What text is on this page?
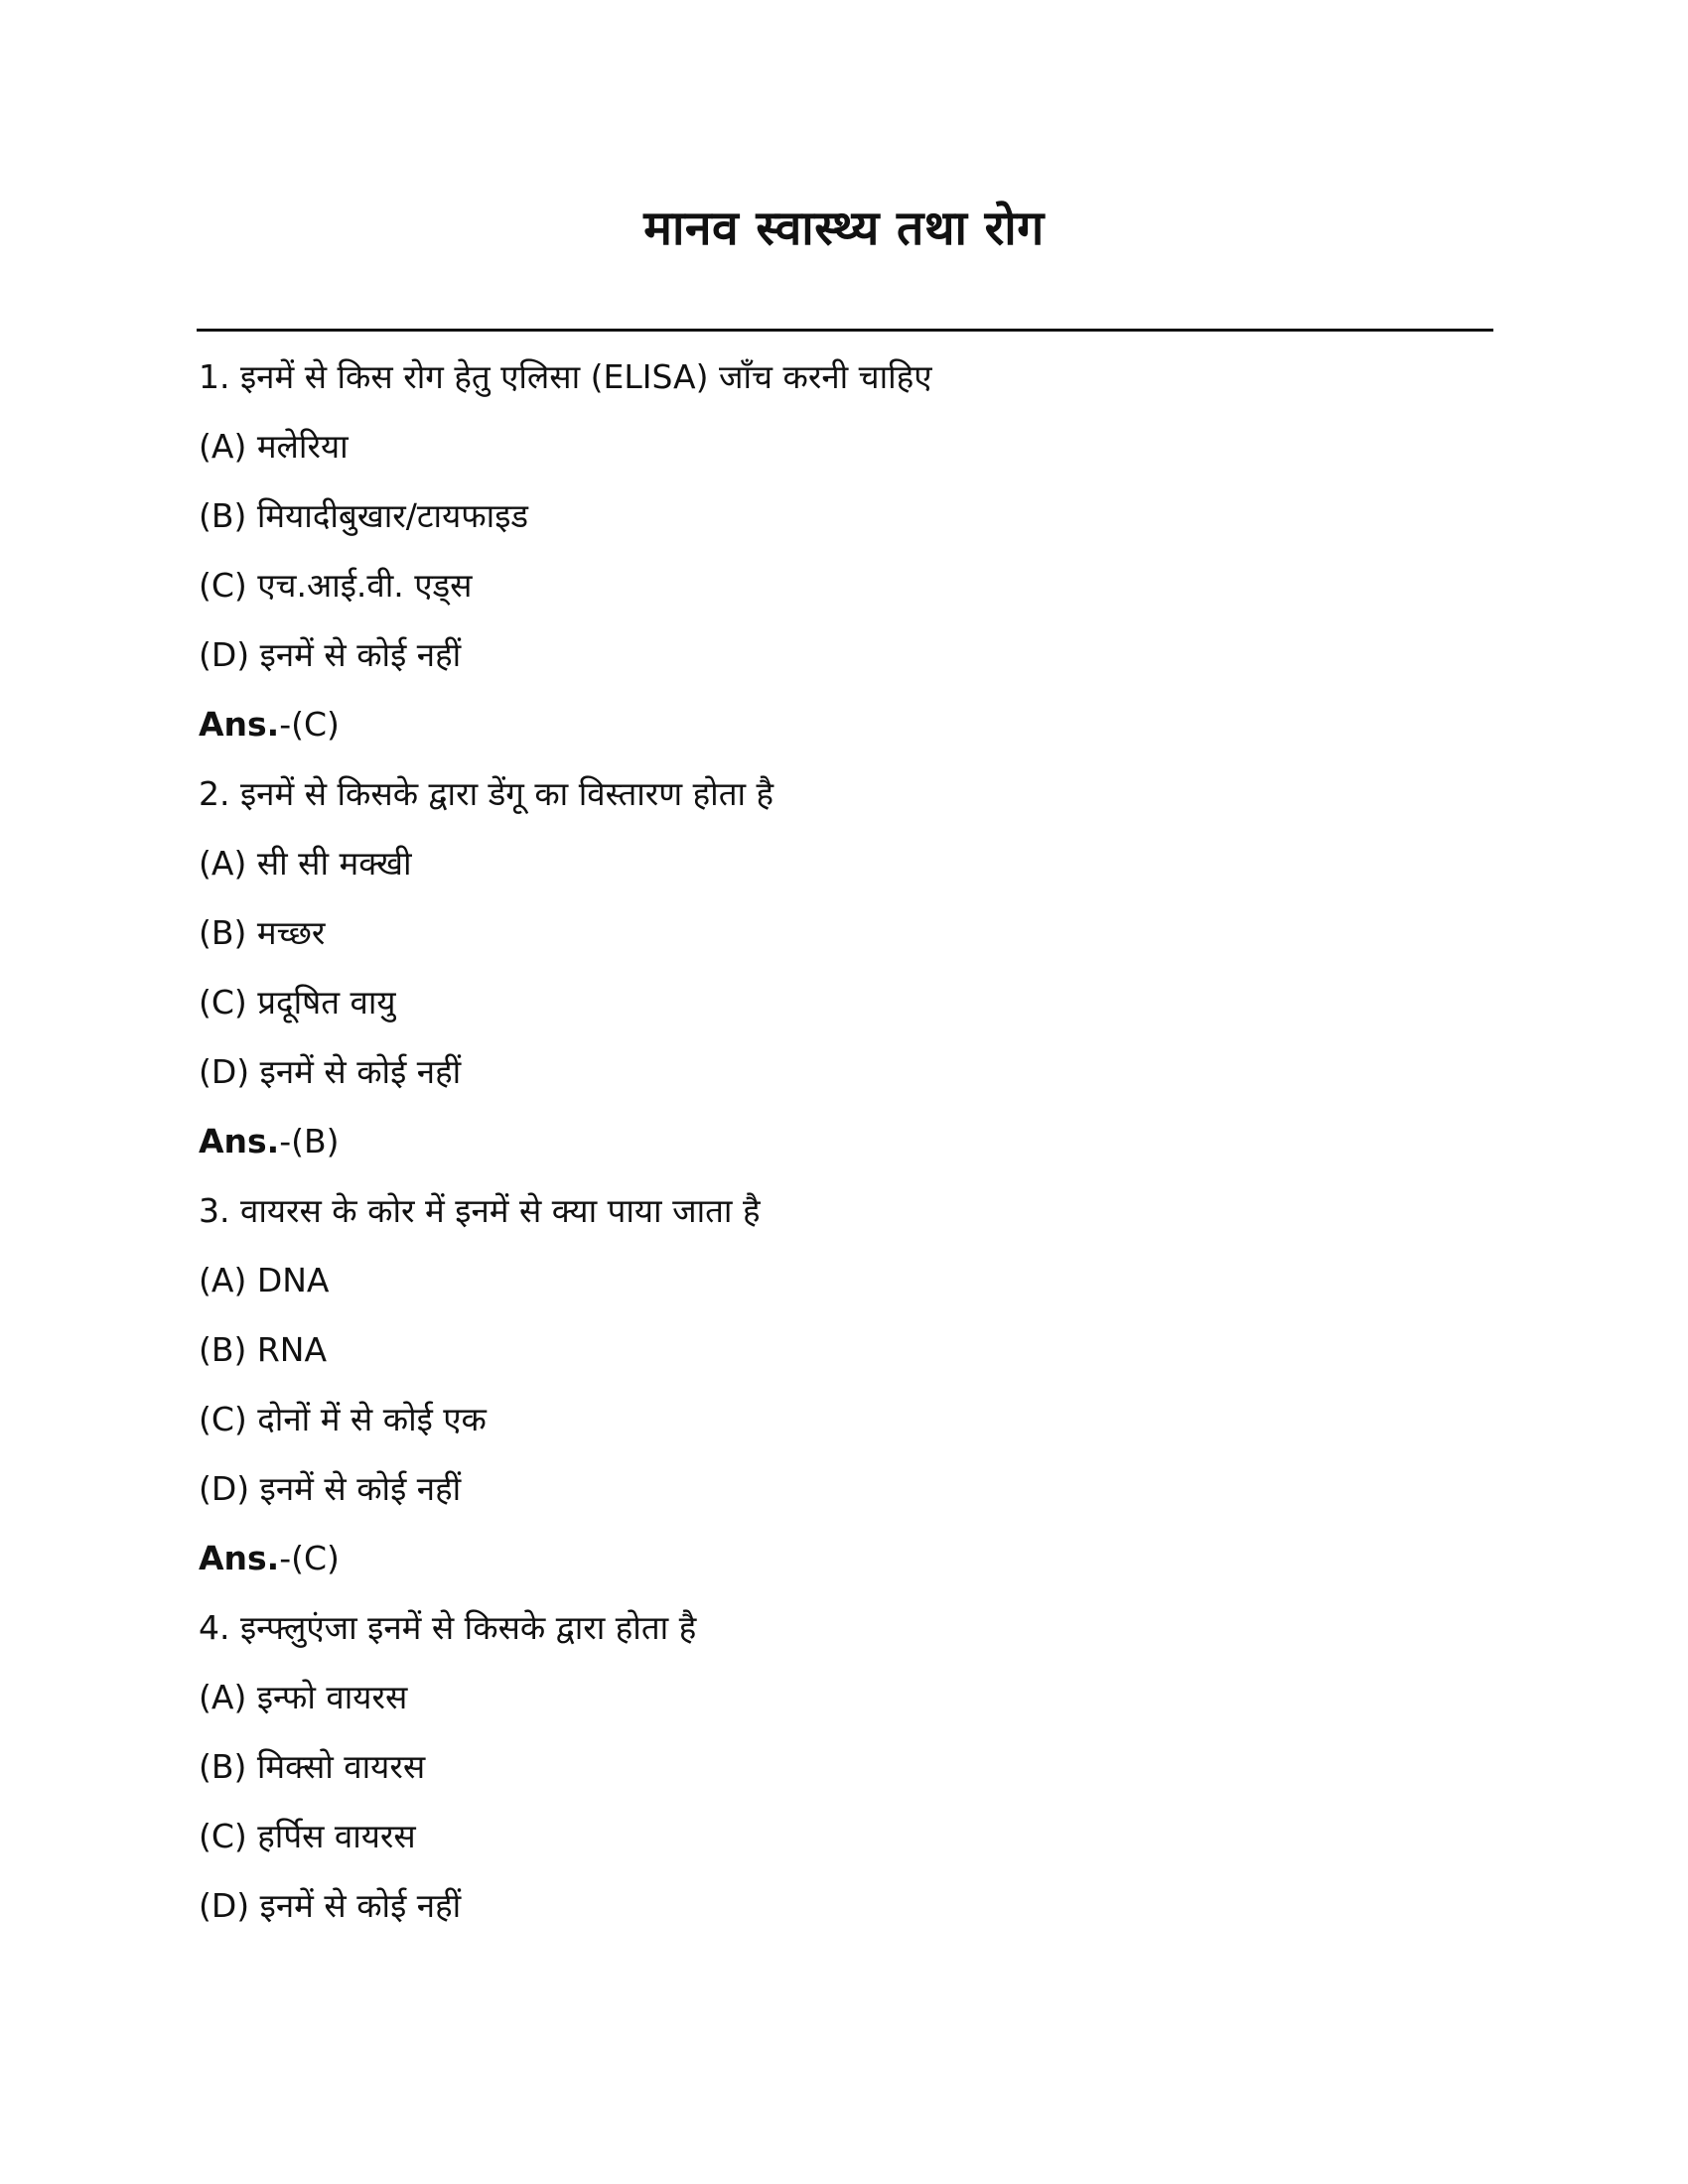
मानव स्वास्थ्य तथा रोग
1. इनमें से किस रोग हेतु एलिसा (ELISA) जाँच करनी चाहिए
(A) मलेरिया
(B) मियादीबुखार/टायफाइड
(C) एच.आई.वी. एड्स
(D) इनमें से कोई नहीं
Ans.-(C)
2. इनमें से किसके द्वारा डेंगू का विस्तारण होता है
(A) सी सी मक्खी
(B) मच्छर
(C) प्रदूषित वायु
(D) इनमें से कोई नहीं
Ans.-(B)
3. वायरस के कोर में इनमें से क्या पाया जाता है
(A) DNA
(B) RNA
(C) दोनों में से कोई एक
(D) इनमें से कोई नहीं
Ans.-(C)
4. इन्फ्लुएंजा इनमें से किसके द्वारा होता है
(A) इन्फो वायरस
(B) मिक्सो वायरस
(C) हर्पिस वायरस
(D) इनमें से कोई नहीं
